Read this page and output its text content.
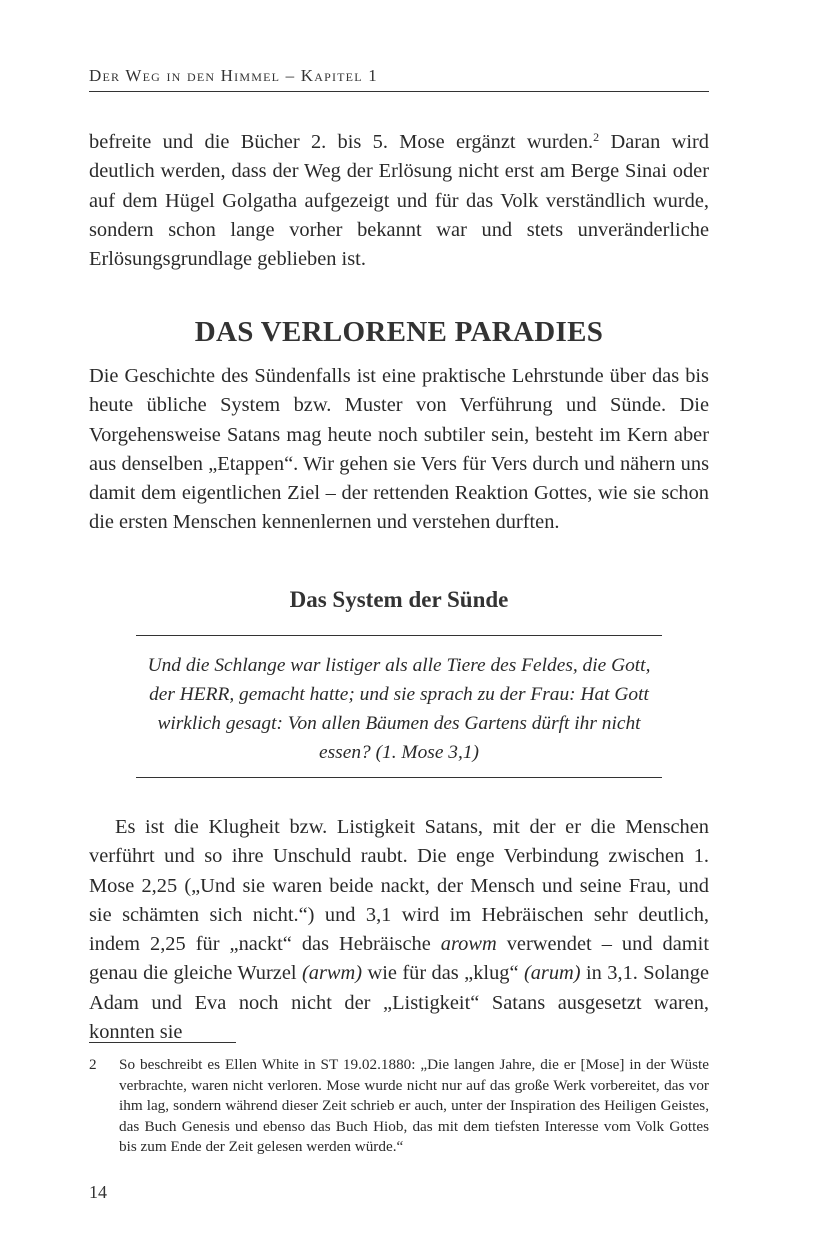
Der Weg in den Himmel – Kapitel 1

befreite und die Bücher 2. bis 5. Mose ergänzt wurden.$^2$ Daran wird deutlich werden, dass der Weg der Erlösung nicht erst am Berge Sinai oder auf dem Hügel Golgatha aufgezeigt und für das Volk verständlich wurde, sondern schon lange vorher bekannt war und stets unveränderliche Erlösungsgrundlage geblieben ist.

DAS VERLORENE PARADIES

Die Geschichte des Sündenfalls ist eine praktische Lehrstunde über das bis heute übliche System bzw. Muster von Verführung und Sünde. Die Vorgehensweise Satans mag heute noch subtiler sein, besteht im Kern aber aus denselben „Etappen“. Wir gehen sie Vers für Vers durch und nähern uns damit dem eigentlichen Ziel – der rettenden Reaktion Gottes, wie sie schon die ersten Menschen kennenlernen und verstehen durften.

Das System der Sünde

Und die Schlange war listiger als alle Tiere des Feldes, die Gott, der HERR, gemacht hatte; und sie sprach zu der Frau: Hat Gott wirklich gesagt: Von allen Bäumen des Gartens dürft ihr nicht essen? (1. Mose 3,1)

Es ist die Klugheit bzw. Listigkeit Satans, mit der er die Menschen verführt und so ihre Unschuld raubt. Die enge Verbindung zwischen 1. Mose 2,25 („Und sie waren beide nackt, der Mensch und seine Frau, und sie schämten sich nicht.“) und 3,1 wird im Hebräischen sehr deutlich, indem 2,25 für „nackt“ das Hebräische arowm verwendet – und damit genau die gleiche Wurzel (arwm) wie für das „klug“ (arum) in 3,1. Solange Adam und Eva noch nicht der „Listigkeit“ Satans ausgesetzt waren, konnten sie

2 So beschreibt es Ellen White in ST 19.02.1880: „Die langen Jahre, die er [Mose] in der Wüste verbrachte, waren nicht verloren. Mose wurde nicht nur auf das große Werk vorbereitet, das vor ihm lag, sondern während dieser Zeit schrieb er auch, unter der Inspiration des Heiligen Geistes, das Buch Genesis und ebenso das Buch Hiob, das mit dem tiefsten Interesse vom Volk Gottes bis zum Ende der Zeit gelesen werden würde.“

14
